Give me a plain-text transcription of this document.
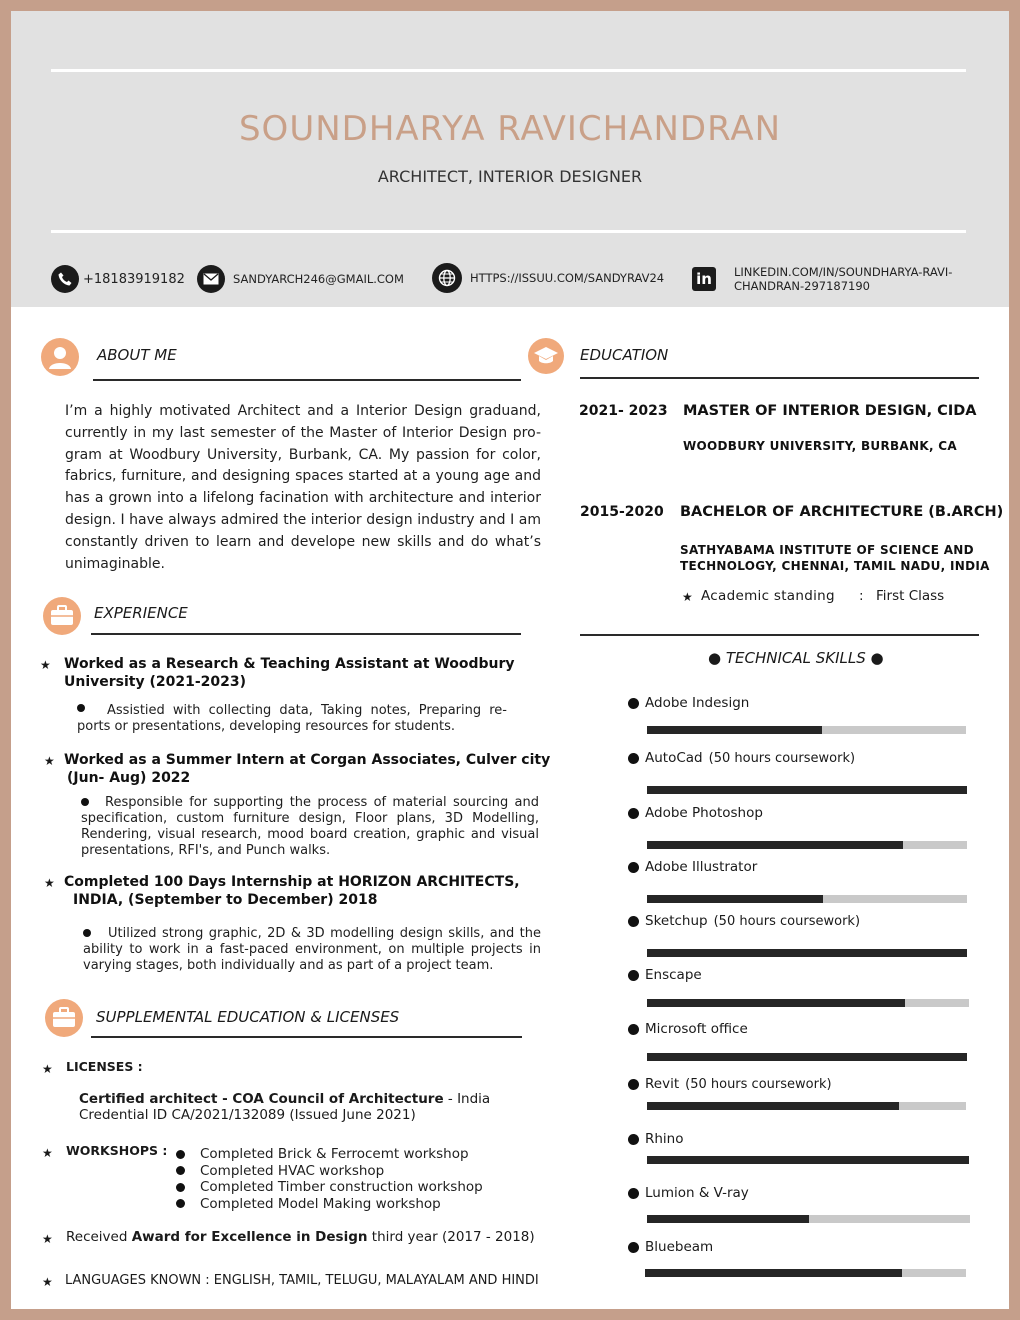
SOUNDHARYA RAVICHANDRAN
ARCHITECT, INTERIOR DESIGNER
+18183919182	SANDYARCH246@GMAIL.COM	HTTPS://ISSUU.COM/SANDYRAV24 in	LINKEDIN.COM/IN/SOUNDHARYA-RAVI-
CHANDRAN-297187190
ABOUT ME
I’m a highly motivated Architect and a Interior Design graduand, currently in my last semester of the Master of Interior Design pro-gram at Woodbury University, Burbank, CA. My passion for color, fabrics, furniture, and designing spaces started at a young age and has a grown into a lifelong facination with architecture and interior design. I have always admired the interior design industry and I am constantly driven to learn and develope new skills and do what’s unimaginable.
EXPERIENCE
★ Worked as a Research & Teaching Assistant at Woodbury
University (2021-2023)
Assistied with collecting data, Taking notes, Preparing re-ports or presentations, developing resources for students.
★ Worked as a Summer Intern at Corgan Associates, Culver city
(Jun- Aug) 2022
Responsible for supporting the process of material sourcing and specification, custom furniture design, Floor plans, 3D Modelling, Rendering, visual research, mood board creation, graphic and visual presentations, RFI's, and Punch walks.
★ Completed 100 Days Internship at HORIZON ARCHITECTS,
INDIA, (September to December) 2018
Utilized strong graphic, 2D & 3D modelling design skills, and the ability to work in a fast-paced environment, on multiple projects in varying stages, both individually and as part of a project team.
SUPPLEMENTAL EDUCATION & LICENSES
★ LICENSES :
Certified architect - COA Council of Architecture - India
Credential ID CA/2021/132089 (Issued June 2021)
★ WORKSHOPS : Completed Brick & Ferrocemt workshop
Completed HVAC workshop
Completed Timber construction workshop
Completed Model Making workshop
★ Received Award for Excellence in Design third year (2017 - 2018)
★ LANGUAGES KNOWN : ENGLISH, TAMIL, TELUGU, MALAYALAM AND HINDI
EDUCATION
2021- 2023 MASTER OF INTERIOR DESIGN, CIDA
WOODBURY UNIVERSITY, BURBANK, CA
2015-2020 BACHELOR OF ARCHITECTURE (B.ARCH)
SATHYABAMA INSTITUTE OF SCIENCE AND
TECHNOLOGY, CHENNAI, TAMIL NADU, INDIA
★ Academic standing : First Class
● TECHNICAL SKILLS ●
Adobe Indesign
AutoCad (50 hours coursework)
Adobe Photoshop
Adobe Illustrator
Sketchup (50 hours coursework)
Enscape
Microsoft office
Revit (50 hours coursework)
Rhino
Lumion & V-ray
Bluebeam
